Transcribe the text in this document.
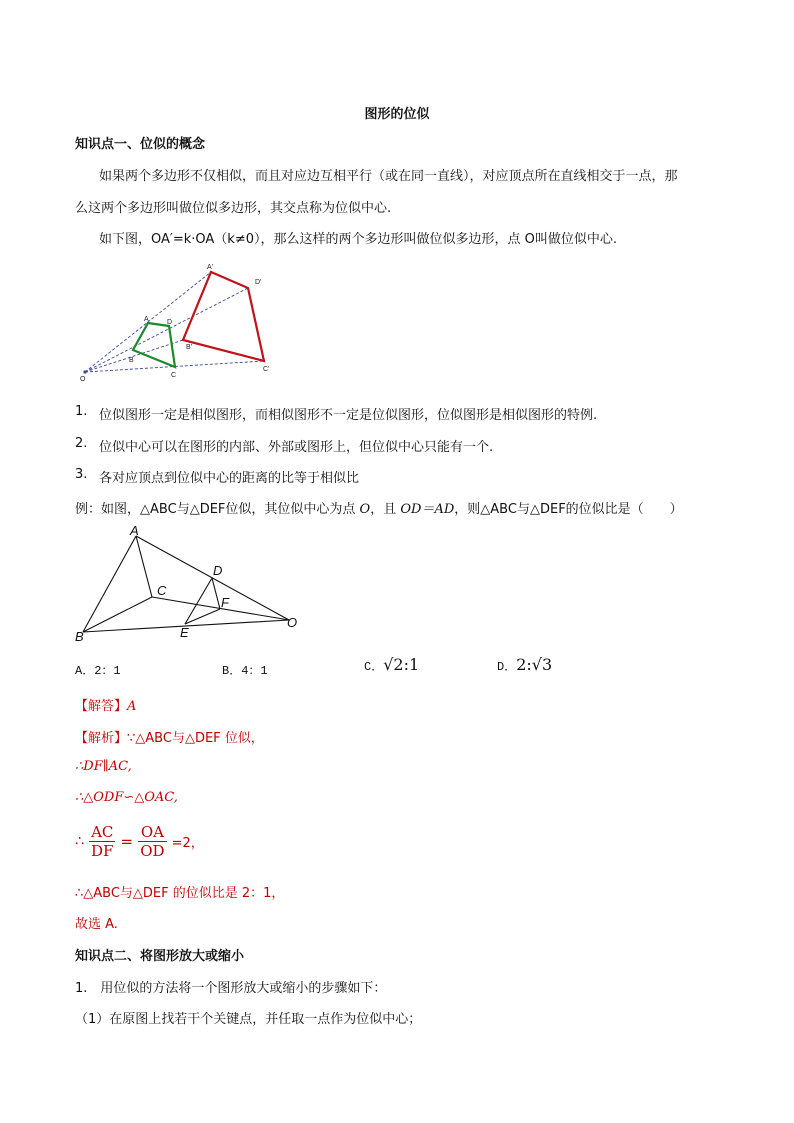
图形的位似
知识点一、位似的概念
如果两个多边形不仅相似，而且对应边互相平行（或在同一直线），对应顶点所在直线相交于一点，那
么这两个多边形叫做位似多边形，其交点称为位似中心.
如下图，OA′=k·OA（k≠0），那么这样的两个多边形叫做位似多边形，点 O叫做位似中心.
A'
D'
A	D
B
C
B'
C'
O
1. 位似图形一定是相似图形，而相似图形不一定是位似图形，位似图形是相似图形的特例.
2. 位似中心可以在图形的内部、外部或图形上，但位似中心只能有一个.
3. 各对应顶点到位似中心的距离的比等于相似比
例：如图，△ABC与△DEF位似，其位似中心为点 O，且 OD＝AD，则△ABC与△DEF的位似比是（　　）
A
B
C
D
E
F
O
A．2：1	B．4：1	C．√2:1	D．2:√3
【解答】A
【解析】∵△ABC与△DEF 位似，
∴DF∥AC,
∴△ODF∽△OAC,
∴ $\frac{AC}{DF} = \frac{OA}{OD} =2$，
∴△ABC与△DEF 的位似比是 2：1，
故选 A.
知识点二、将图形放大或缩小
1.　用位似的方法将一个图形放大或缩小的步骤如下：
（1）在原图上找若干个关键点，并任取一点作为位似中心；
